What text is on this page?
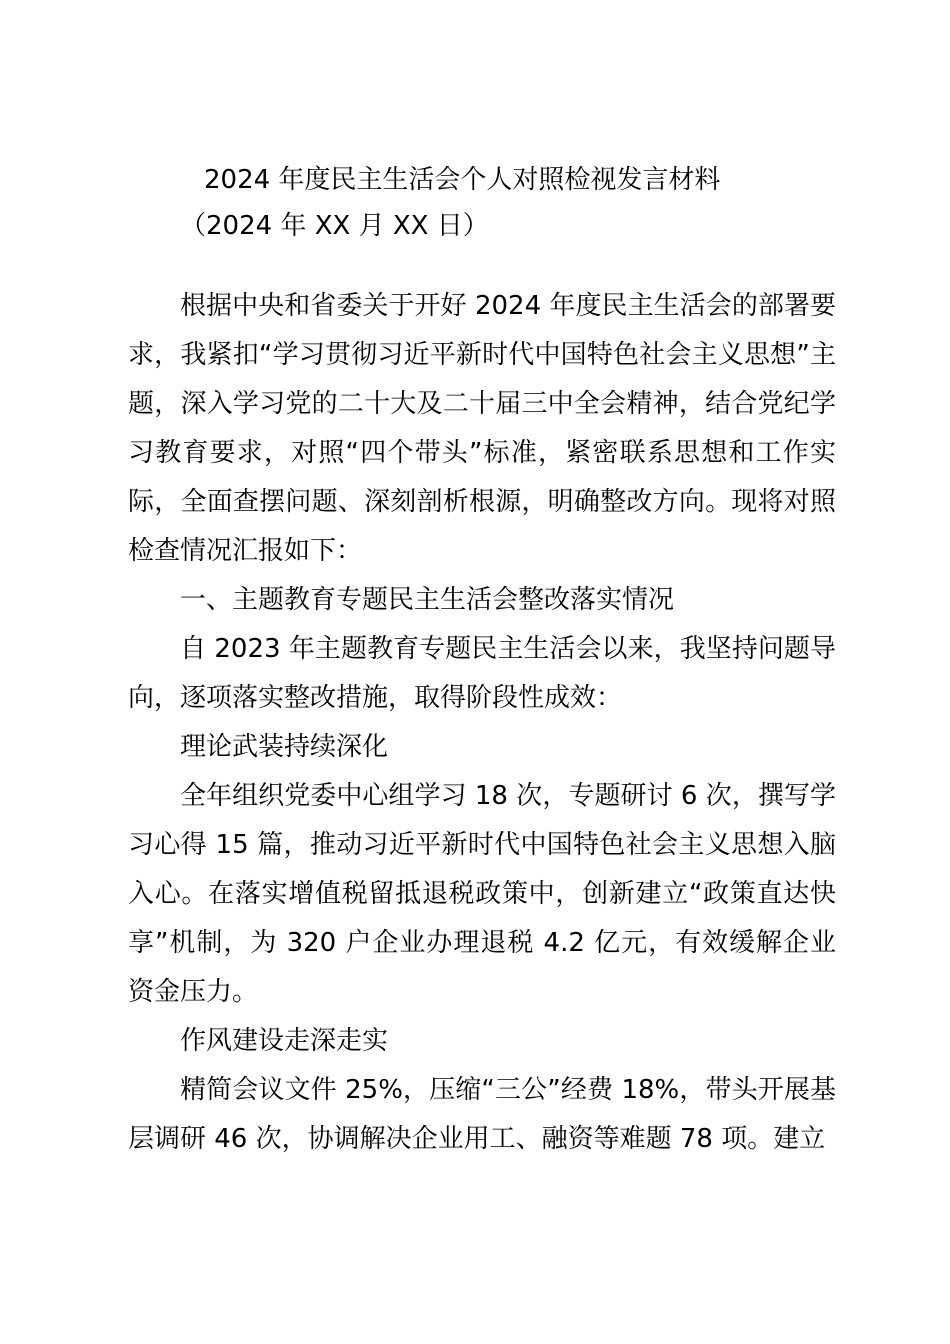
2024 年度民主生活会个人对照检视发言材料
（2024 年 XX 月 XX 日）

根据中央和省委关于开好 2024 年度民主生活会的部署要求，我紧扣“学习贯彻习近平新时代中国特色社会主义思想”主题，深入学习党的二十大及二十届三中全会精神，结合党纪学习教育要求，对照“四个带头”标准，紧密联系思想和工作实际，全面查摆问题、深刻剖析根源，明确整改方向。现将对照检查情况汇报如下：

一、主题教育专题民主生活会整改落实情况

自 2023 年主题教育专题民主生活会以来，我坚持问题导向，逐项落实整改措施，取得阶段性成效：

理论武装持续深化

全年组织党委中心组学习 18 次，专题研讨 6 次，撰写学习心得 15 篇，推动习近平新时代中国特色社会主义思想入脑入心。在落实增值税留抵退税政策中，创新建立“政策直达快享”机制，为 320 户企业办理退税 4.2 亿元，有效缓解企业资金压力。

作风建设走深走实

精简会议文件 25%，压缩“三公”经费 18%，带头开展基层调研 46 次，协调解决企业用工、融资等难题 78 项。建立
